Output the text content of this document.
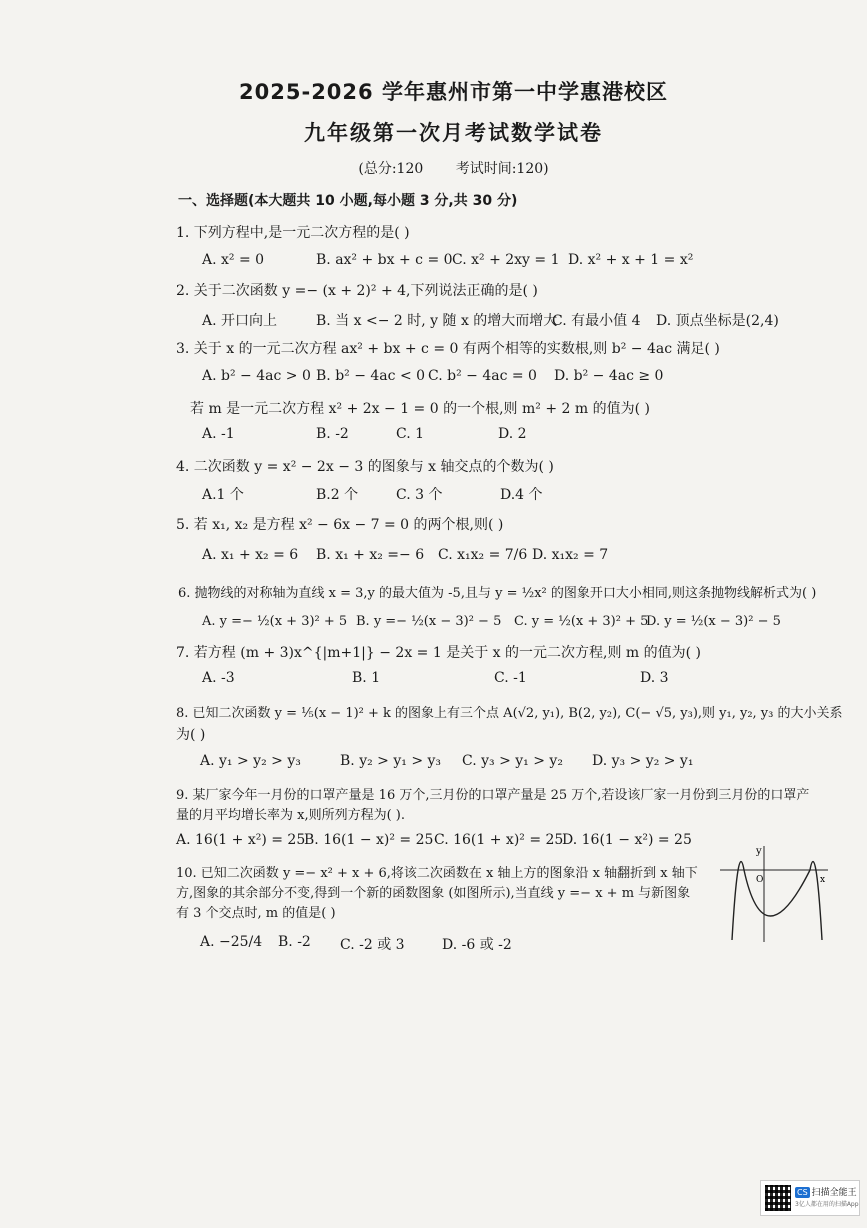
2025-2026 学年惠州市第一中学惠港校区
九年级第一次月考试数学试卷
(总分:120 考试时间:120)
一、选择题(本大题共 10 小题,每小题 3 分,共 30 分)
1. 下列方程中,是一元二次方程的是( )
A. x² = 0	B. ax² + bx + c = 0 C. x² + 2xy = 1 D. x² + x + 1 = x²
2. 关于二次函数 y =− (x + 2)² + 4,下列说法正确的是( )
A. 开口向上	B. 当 x <− 2 时, y 随 x 的增大而增大
C. 有最小值 4 D. 顶点坐标是(2,4)
3. 关于 x 的一元二次方程 ax² + bx + c = 0 有两个相等的实数根,则 b² − 4ac 满足( )
A. b² − 4ac > 0 B. b² − 4ac < 0 C. b² − 4ac = 0 D. b² − 4ac ≥ 0
若 m 是一元二次方程 x² + 2x − 1 = 0 的一个根,则 m² + 2 m 的值为( )
A. -1	B. -2	C. 1	D. 2
4. 二次函数 y = x² − 2x − 3 的图象与 x 轴交点的个数为( )
A.1 个	B.2 个	C. 3 个	D.4 个
5. 若 x₁, x₂ 是方程 x² − 6x − 7 = 0 的两个根,则( )
A. x₁ + x₂ = 6 B. x₁ + x₂ =− 6 C. x₁x₂ = 7/6 D. x₁x₂ = 7
6. 抛物线的对称轴为直线 x = 3,y 的最大值为 -5,且与 y = ½x² 的图象开口大小相同,则这条抛物线解析式为( )
A. y =− ½(x + 3)² + 5 B. y =− ½(x − 3)² − 5 C. y = ½(x + 3)² + 5
D. y = ½(x − 3)² − 5
7. 若方程 (m + 3)x^{|m+1|} − 2x = 1 是关于 x 的一元二次方程,则 m 的值为( )
A. -3	B. 1	C. -1	D. 3
8. 已知二次函数 y = ⅕(x − 1)² + k 的图象上有三个点 A(√2, y₁), B(2, y₂), C(− √5, y₃),则 y₁, y₂, y₃ 的大小关系
为( )
A. y₁ > y₂ > y₃	B. y₂ > y₁ > y₃ C. y₃ > y₁ > y₂ D. y₃ > y₂ > y₁
9. 某厂家今年一月份的口罩产量是 16 万个,三月份的口罩产量是 25 万个,若设该厂家一月份到三月份的口罩产
量的月平均增长率为 x,则所列方程为( ).
A. 16(1 + x²) = 25
B. 16(1 − x)² = 25 C. 16(1 + x)² = 25
D. 16(1 − x²) = 25
10. 已知二次函数 y =− x² + x + 6,将该二次函数在 x 轴上方的图象沿 x 轴翻折到 x 轴下
方,图象的其余部分不变,得到一个新的函数图象 (如图所示),当直线 y =− x + m 与新图象
有 3 个交点时, m 的值是( )
A. −25/4 B. -2 C. -2 或 3	D. -6 或 -2
y
O	x
CS 扫描全能王
3亿人都在用的扫描App
